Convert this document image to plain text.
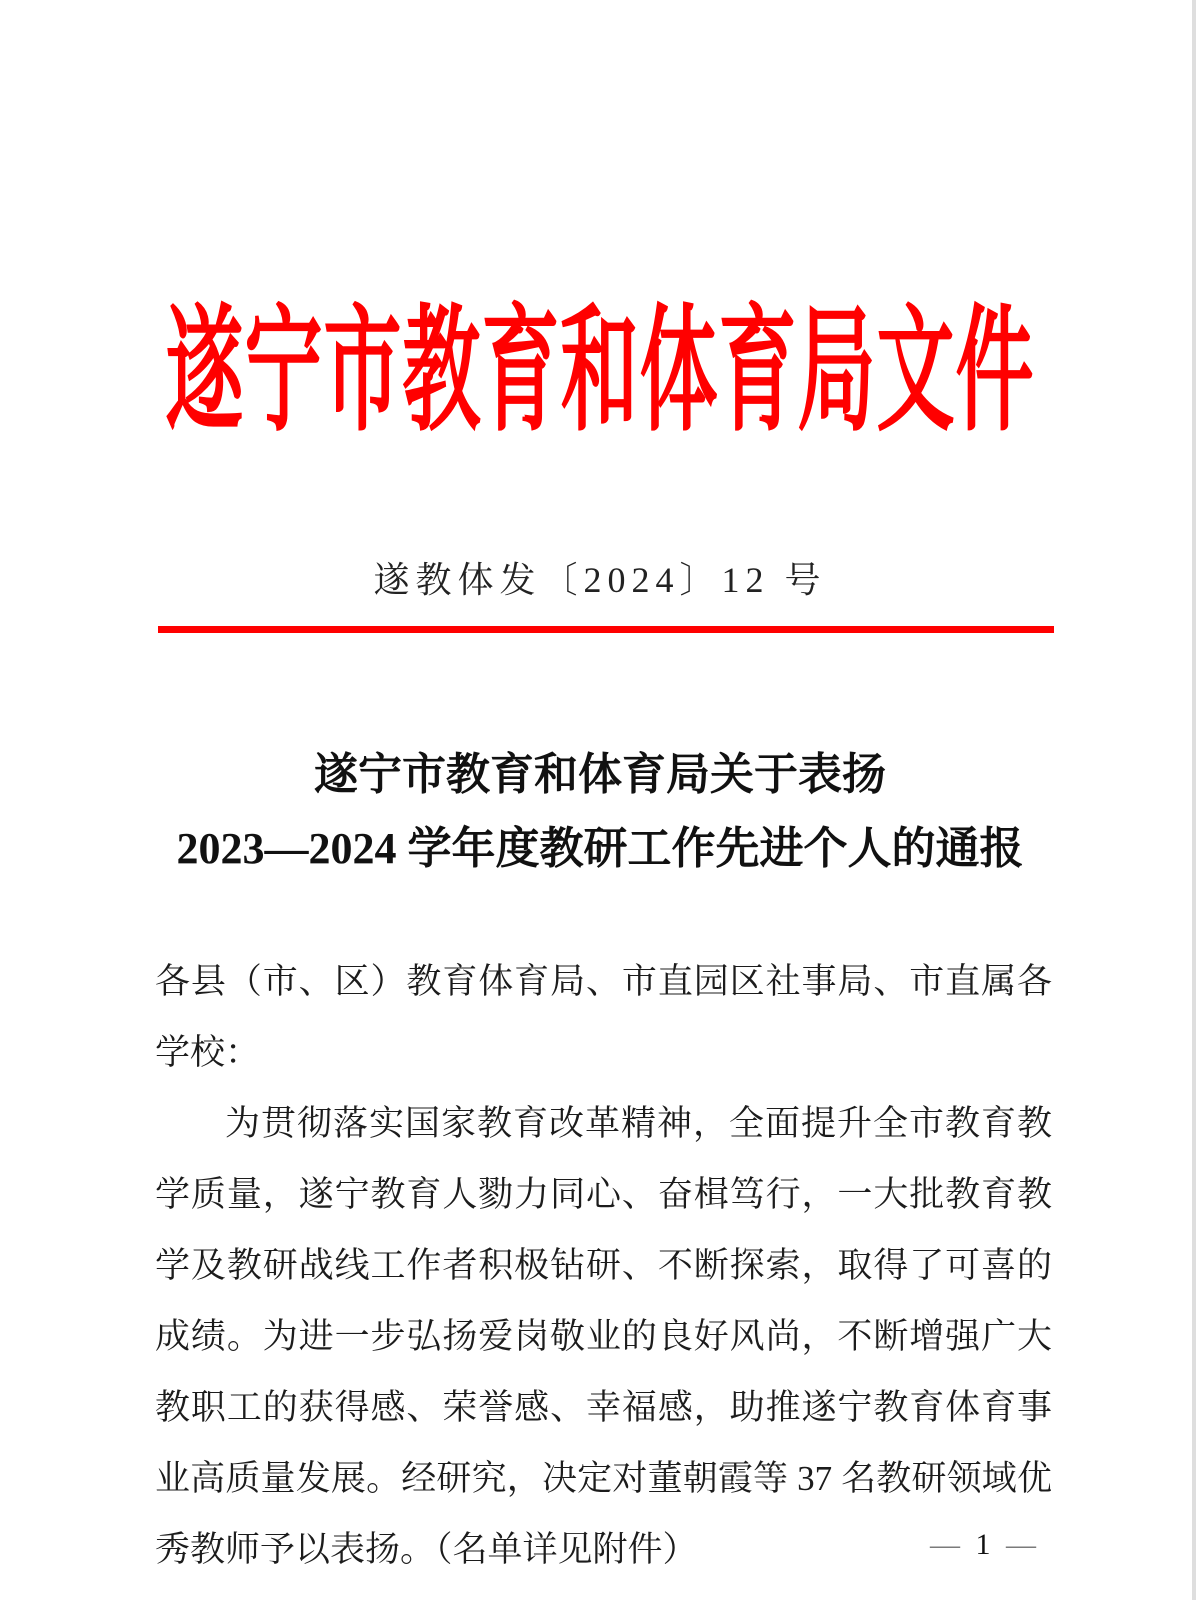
遂宁市教育和体育局文件
遂教体发〔2024〕12 号
遂宁市教育和体育局关于表扬
2023—2024 学年度教研工作先进个人的通报

各县（市、区）教育体育局、市直园区社事局、市直属各学校：

为贯彻落实国家教育改革精神，全面提升全市教育教学质量，遂宁教育人勠力同心、奋楫笃行，一大批教育教学及教研战线工作者积极钻研、不断探索，取得了可喜的成绩。为进一步弘扬爱岗敬业的良好风尚，不断增强广大教职工的获得感、荣誉感、幸福感，助推遂宁教育体育事业高质量发展。经研究，决定对董朝霞等 37 名教研领域优秀教师予以表扬。（名单详见附件）	— 1 —
